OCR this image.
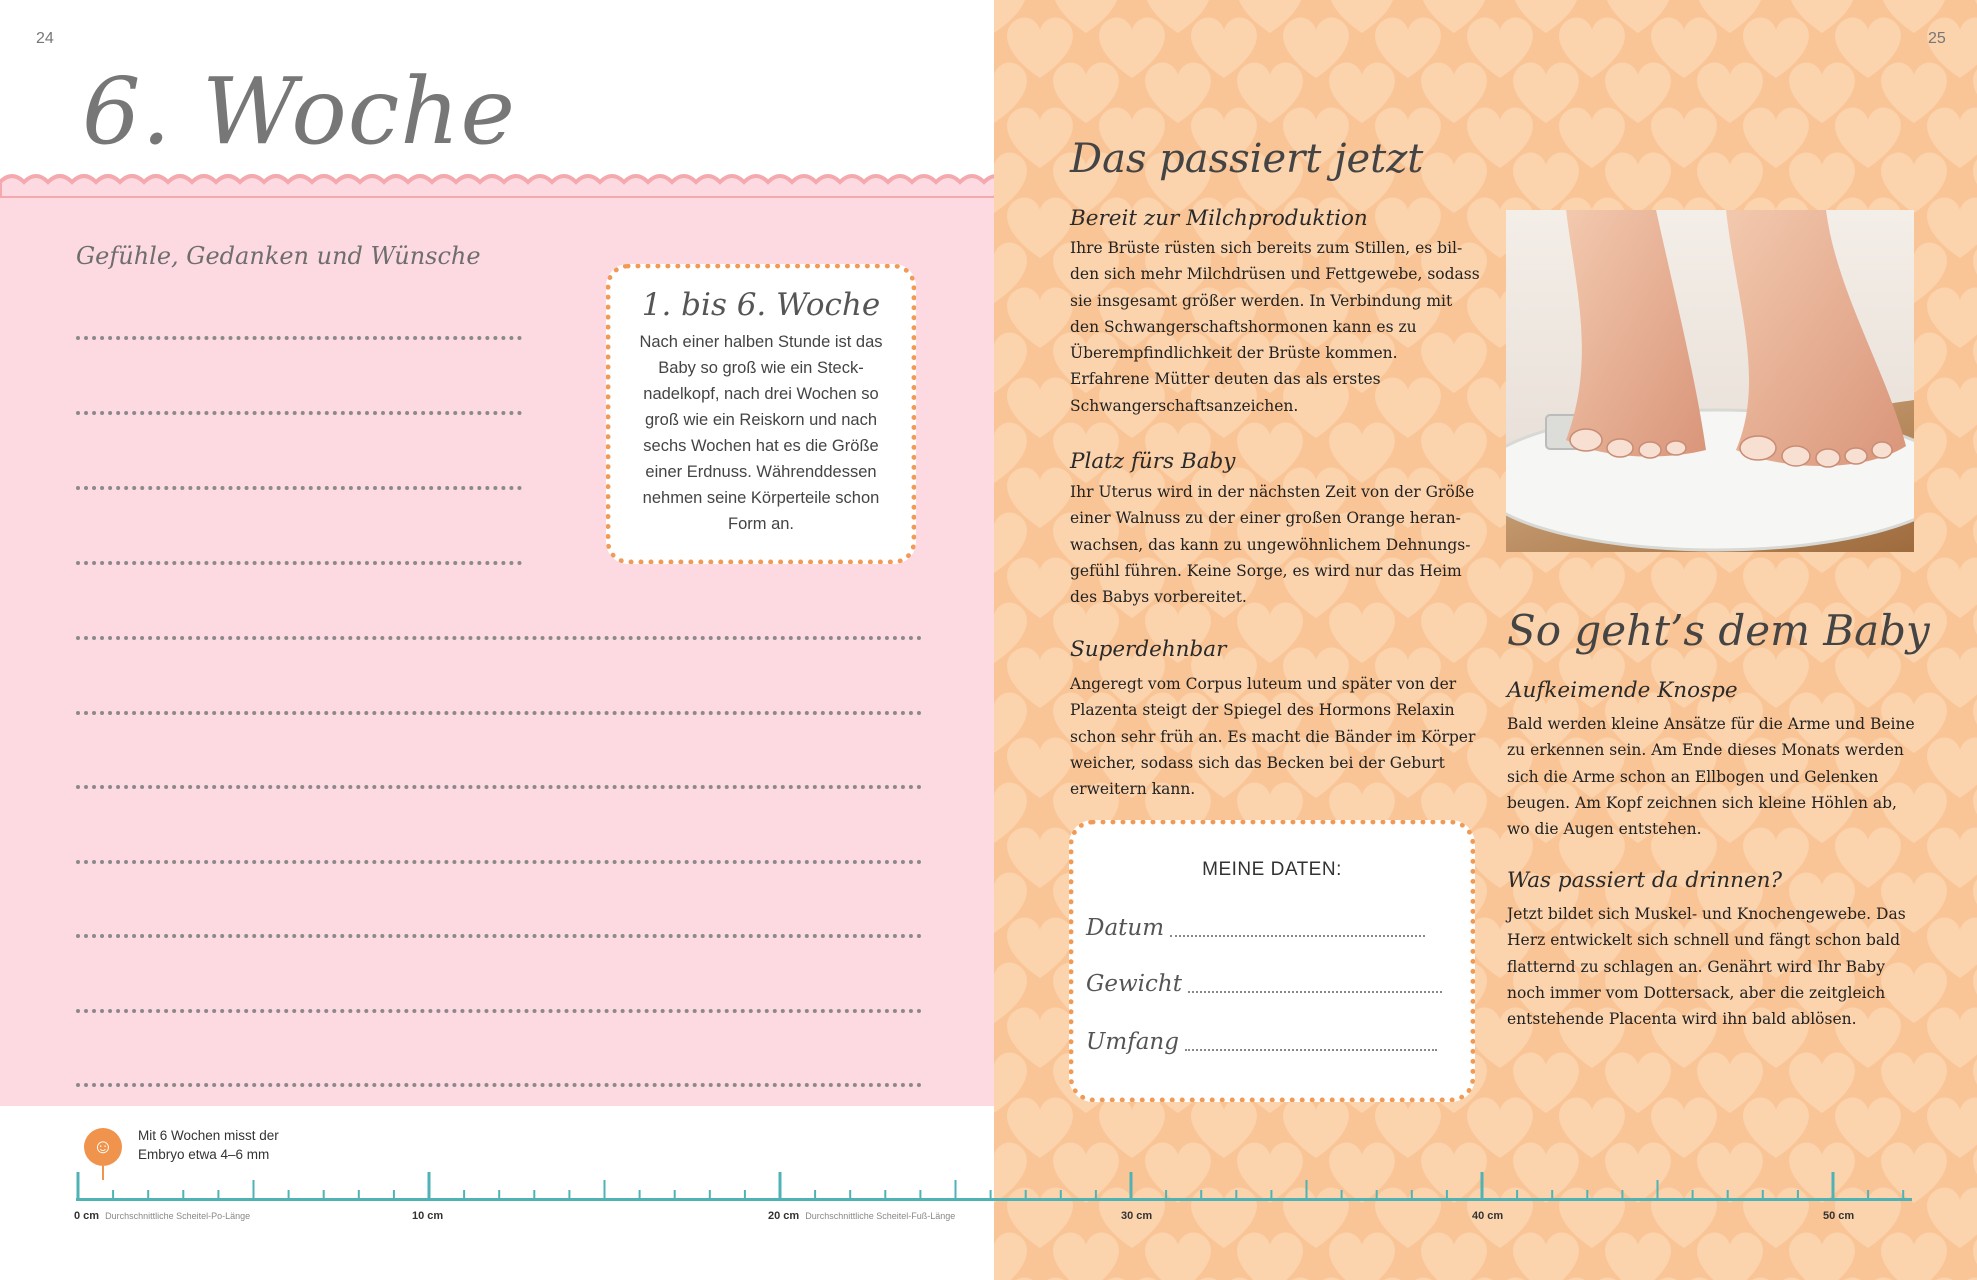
24
6. Woche
Gefühle, Gedanken und Wünsche
1. bis 6. Woche

Nach einer halben Stunde ist das Baby so groß wie ein Steck-nadelkopf, nach drei Wochen so groß wie ein Reiskorn und nach sechs Wochen hat es die Größe einer Erdnuss. Währenddessen nehmen seine Körperteile schon Form an.

25
Das passiert jetzt
Bereit zur Milchproduktion

Ihre Brüste rüsten sich bereits zum Stillen, es bil-den sich mehr Milchdrüsen und Fettgewebe, sodass sie insgesamt größer werden. In Verbindung mit den Schwangerschaftshormonen kann es zu Überempfindlichkeit der Brüste kommen. Erfahrene Mütter deuten das als erstes Schwangerschaftsanzeichen.

Platz fürs Baby

Ihr Uterus wird in der nächsten Zeit von der Größe einer Walnuss zu der einer großen Orange heran-wachsen, das kann zu ungewöhnlichem Dehnungs-gefühl führen. Keine Sorge, es wird nur das Heim des Babys vorbereitet.

Superdehnbar

Angeregt vom Corpus luteum und später von der Plazenta steigt der Spiegel des Hormons Relaxin schon sehr früh an. Es macht die Bänder im Körper weicher, sodass sich das Becken bei der Geburt erweitern kann.

So geht’s dem Baby
Aufkeimende Knospe

Bald werden kleine Ansätze für die Arme und Beine zu erkennen sein. Am Ende dieses Monats werden sich die Arme schon an Ellbogen und Gelenken beugen. Am Kopf zeichnen sich kleine Höhlen ab, wo die Augen entstehen.

Was passiert da drinnen?

Jetzt bildet sich Muskel- und Knochengewebe. Das Herz entwickelt sich schnell und fängt schon bald flatternd zu schlagen an. Genährt wird Ihr Baby noch immer vom Dottersack, aber die zeitgleich entstehende Placenta wird ihn bald ablösen.

MEINE DATEN:
Datum
Gewicht
Umfang
☺	Mit 6 Wochen misst der
Embryo etwa 4–6 mm
0 cm Durchschnittliche Scheitel-Po-Länge	10 cm	20 cm Durchschnittliche Scheitel-Fuß-Länge	30 cm	40 cm	50 cm
